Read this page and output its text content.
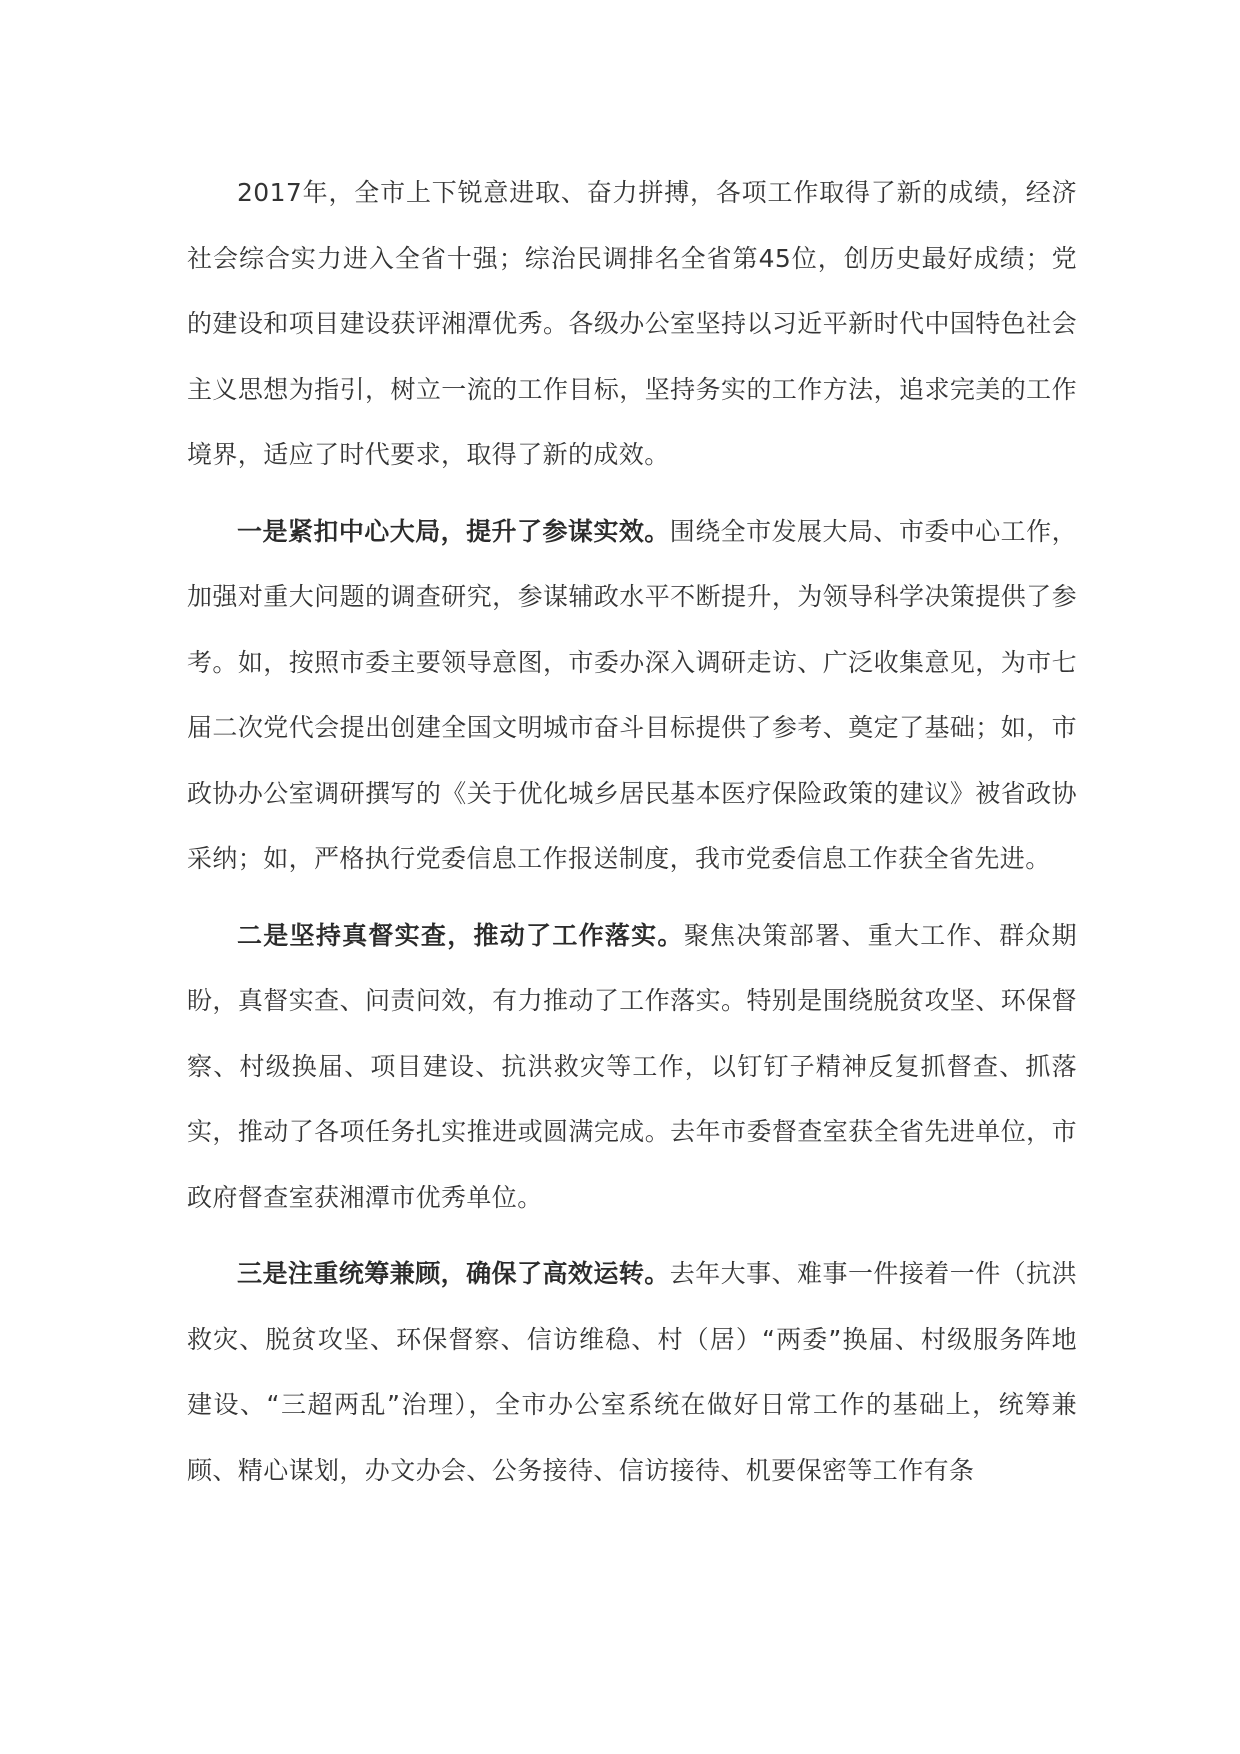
2017年，全市上下锐意进取、奋力拼搏，各项工作取得了新的成绩，经济社会综合实力进入全省十强；综治民调排名全省第45位，创历史最好成绩；党的建设和项目建设获评湘潭优秀。各级办公室坚持以习近平新时代中国特色社会主义思想为指引，树立一流的工作目标，坚持务实的工作方法，追求完美的工作境界，适应了时代要求，取得了新的成效。

一是紧扣中心大局，提升了参谋实效。围绕全市发展大局、市委中心工作，加强对重大问题的调查研究，参谋辅政水平不断提升，为领导科学决策提供了参考。如，按照市委主要领导意图，市委办深入调研走访、广泛收集意见，为市七届二次党代会提出创建全国文明城市奋斗目标提供了参考、奠定了基础；如，市政协办公室调研撰写的《关于优化城乡居民基本医疗保险政策的建议》被省政协采纳；如，严格执行党委信息工作报送制度，我市党委信息工作获全省先进。

二是坚持真督实查，推动了工作落实。聚焦决策部署、重大工作、群众期盼，真督实查、问责问效，有力推动了工作落实。特别是围绕脱贫攻坚、环保督察、村级换届、项目建设、抗洪救灾等工作，以钉钉子精神反复抓督查、抓落实，推动了各项任务扎实推进或圆满完成。去年市委督查室获全省先进单位，市政府督查室获湘潭市优秀单位。

三是注重统筹兼顾，确保了高效运转。去年大事、难事一件接着一件（抗洪救灾、脱贫攻坚、环保督察、信访维稳、村（居）“两委”换届、村级服务阵地建设、“三超两乱”治理），全市办公室系统在做好日常工作的基础上，统筹兼顾、精心谋划，办文办会、公务接待、信访接待、机要保密等工作有条
